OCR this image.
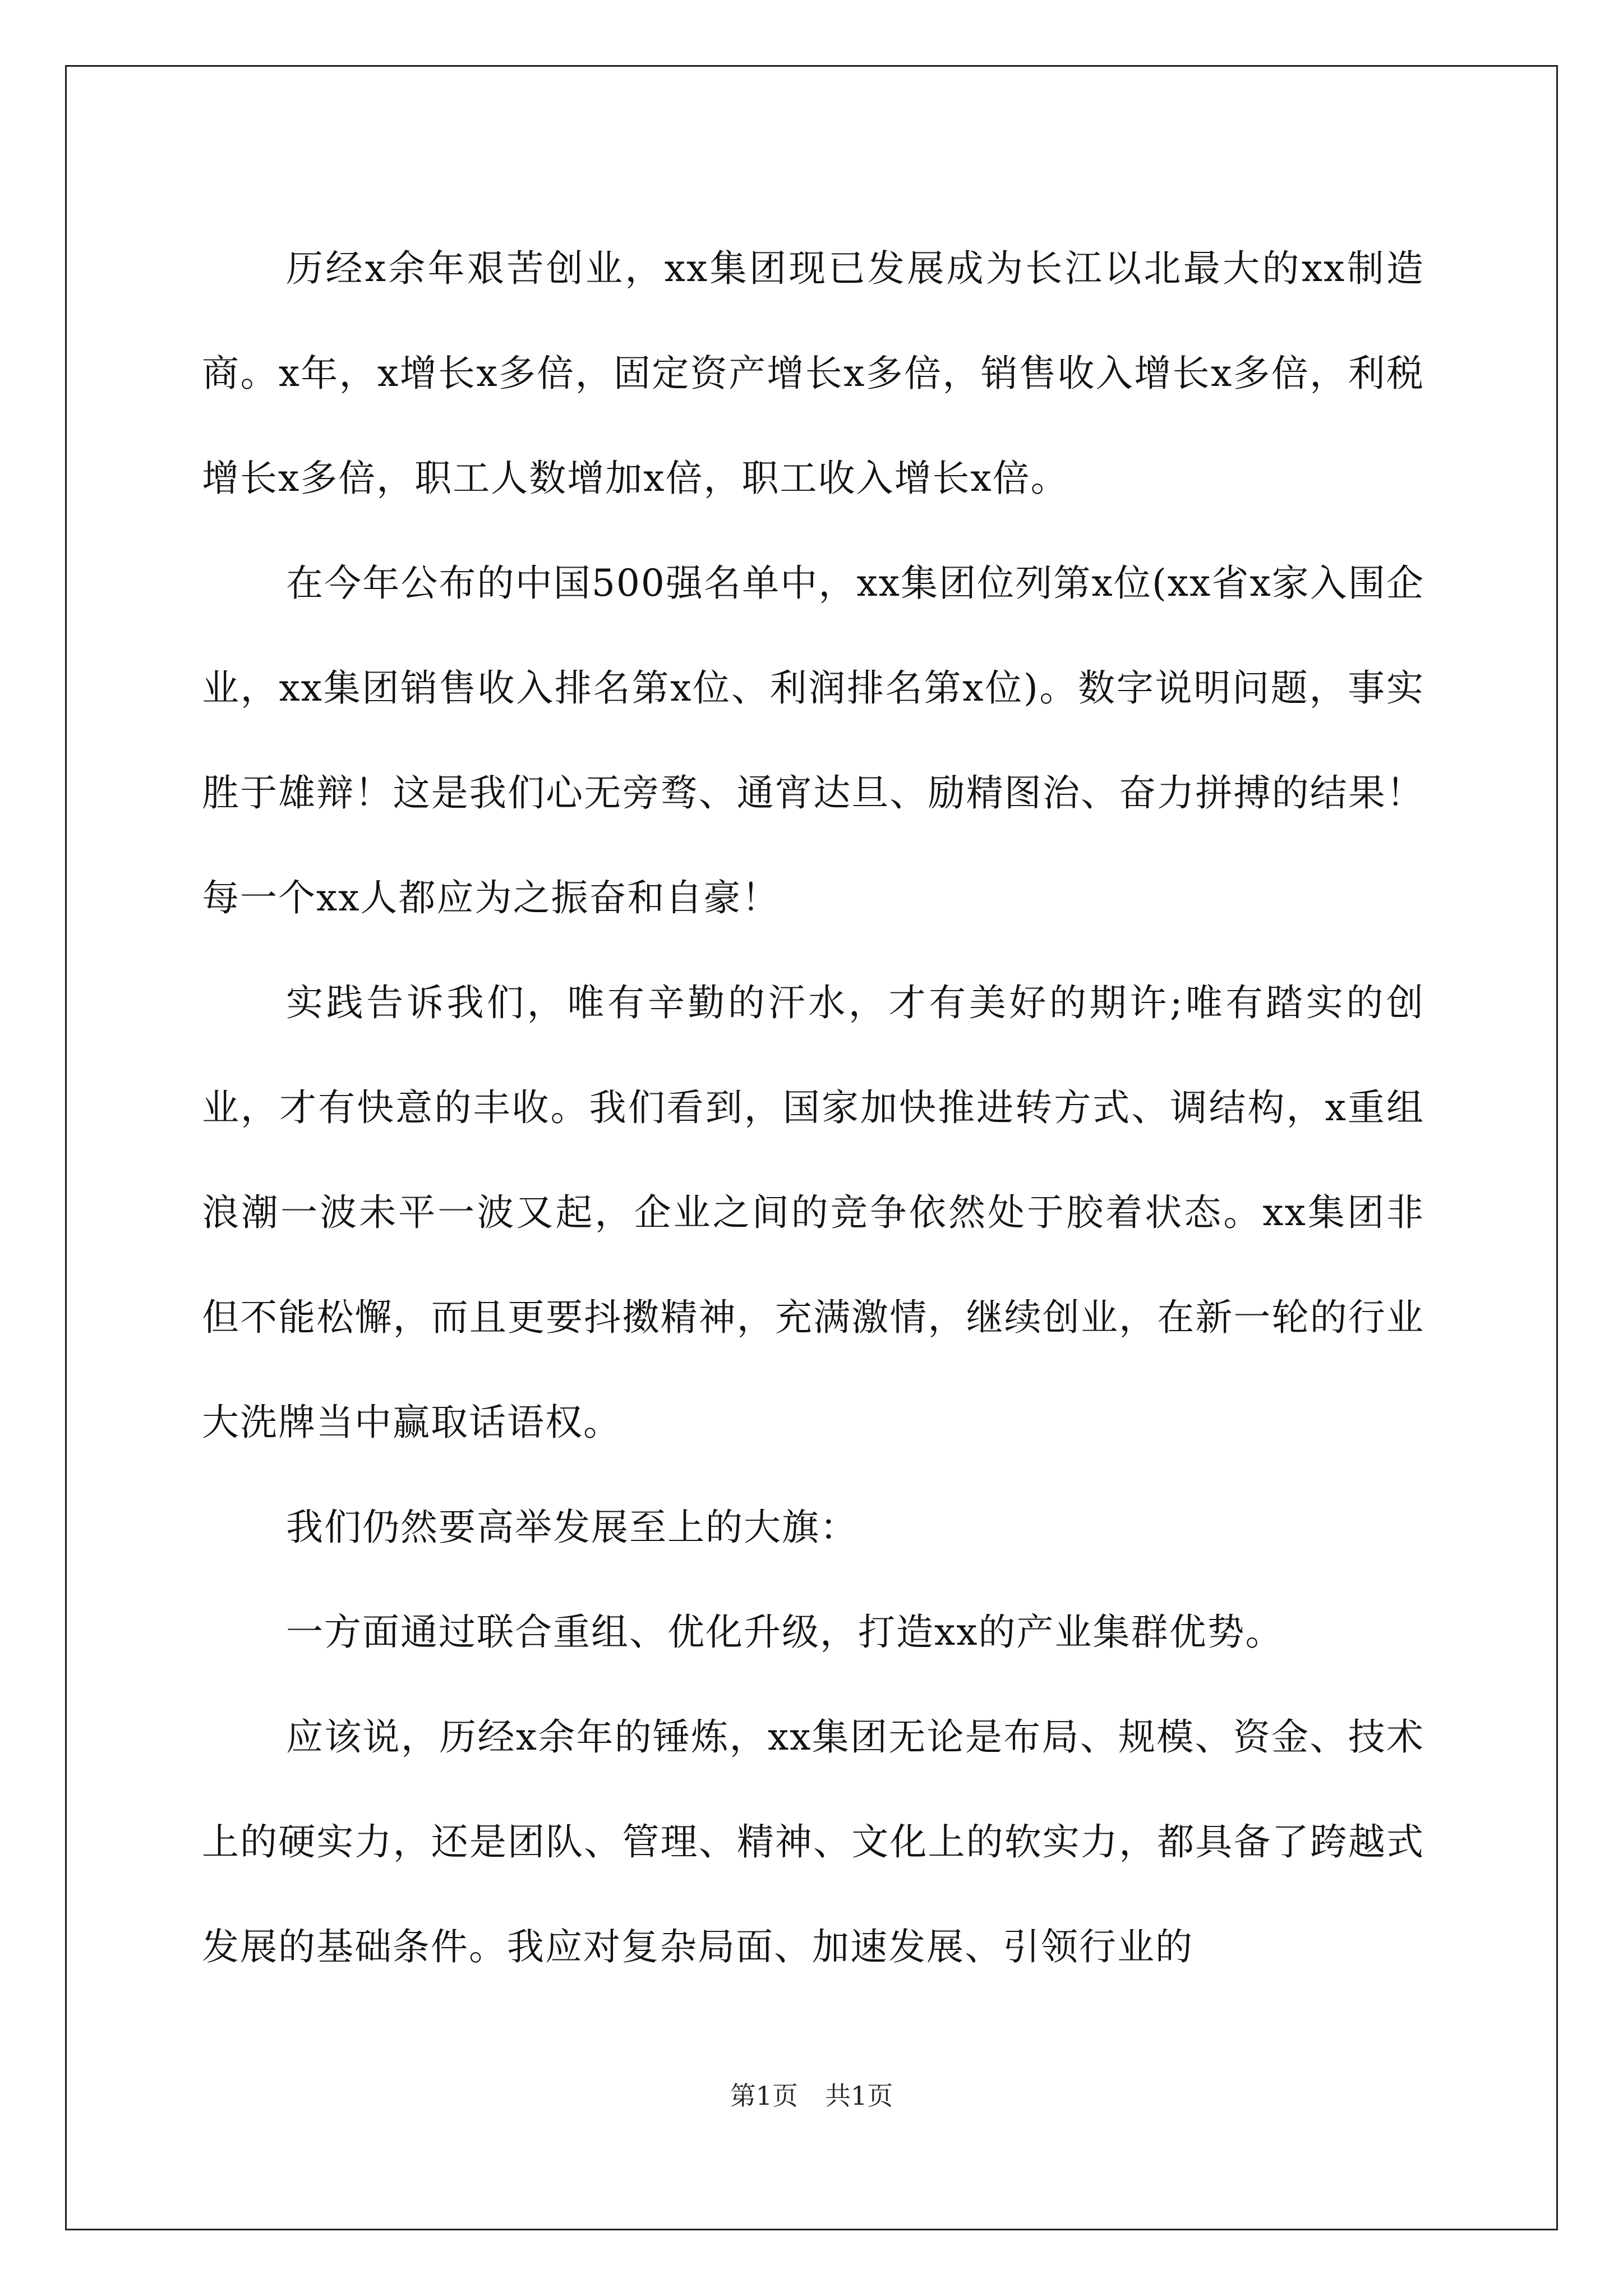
历经x余年艰苦创业，xx集团现已发展成为长江以北最大的xx制造商。x年，x增长x多倍，固定资产增长x多倍，销售收入增长x多倍，利税增长x多倍，职工人数增加x倍，职工收入增长x倍。

在今年公布的中国500强名单中，xx集团位列第x位(xx省x家入围企业，xx集团销售收入排名第x位、利润排名第x位)。数字说明问题，事实胜于雄辩！这是我们心无旁骛、通宵达旦、励精图治、奋力拼搏的结果！每一个xx人都应为之振奋和自豪！

实践告诉我们，唯有辛勤的汗水，才有美好的期许;唯有踏实的创业，才有快意的丰收。我们看到，国家加快推进转方式、调结构，x重组浪潮一波未平一波又起，企业之间的竞争依然处于胶着状态。xx集团非但不能松懈，而且更要抖擞精神，充满激情，继续创业，在新一轮的行业大洗牌当中赢取话语权。

我们仍然要高举发展至上的大旗：

一方面通过联合重组、优化升级，打造xx的产业集群优势。

应该说，历经x余年的锤炼，xx集团无论是布局、规模、资金、技术上的硬实力，还是团队、管理、精神、文化上的软实力，都具备了跨越式发展的基础条件。我应对复杂局面、加速发展、引领行业的

第1页 共1页
